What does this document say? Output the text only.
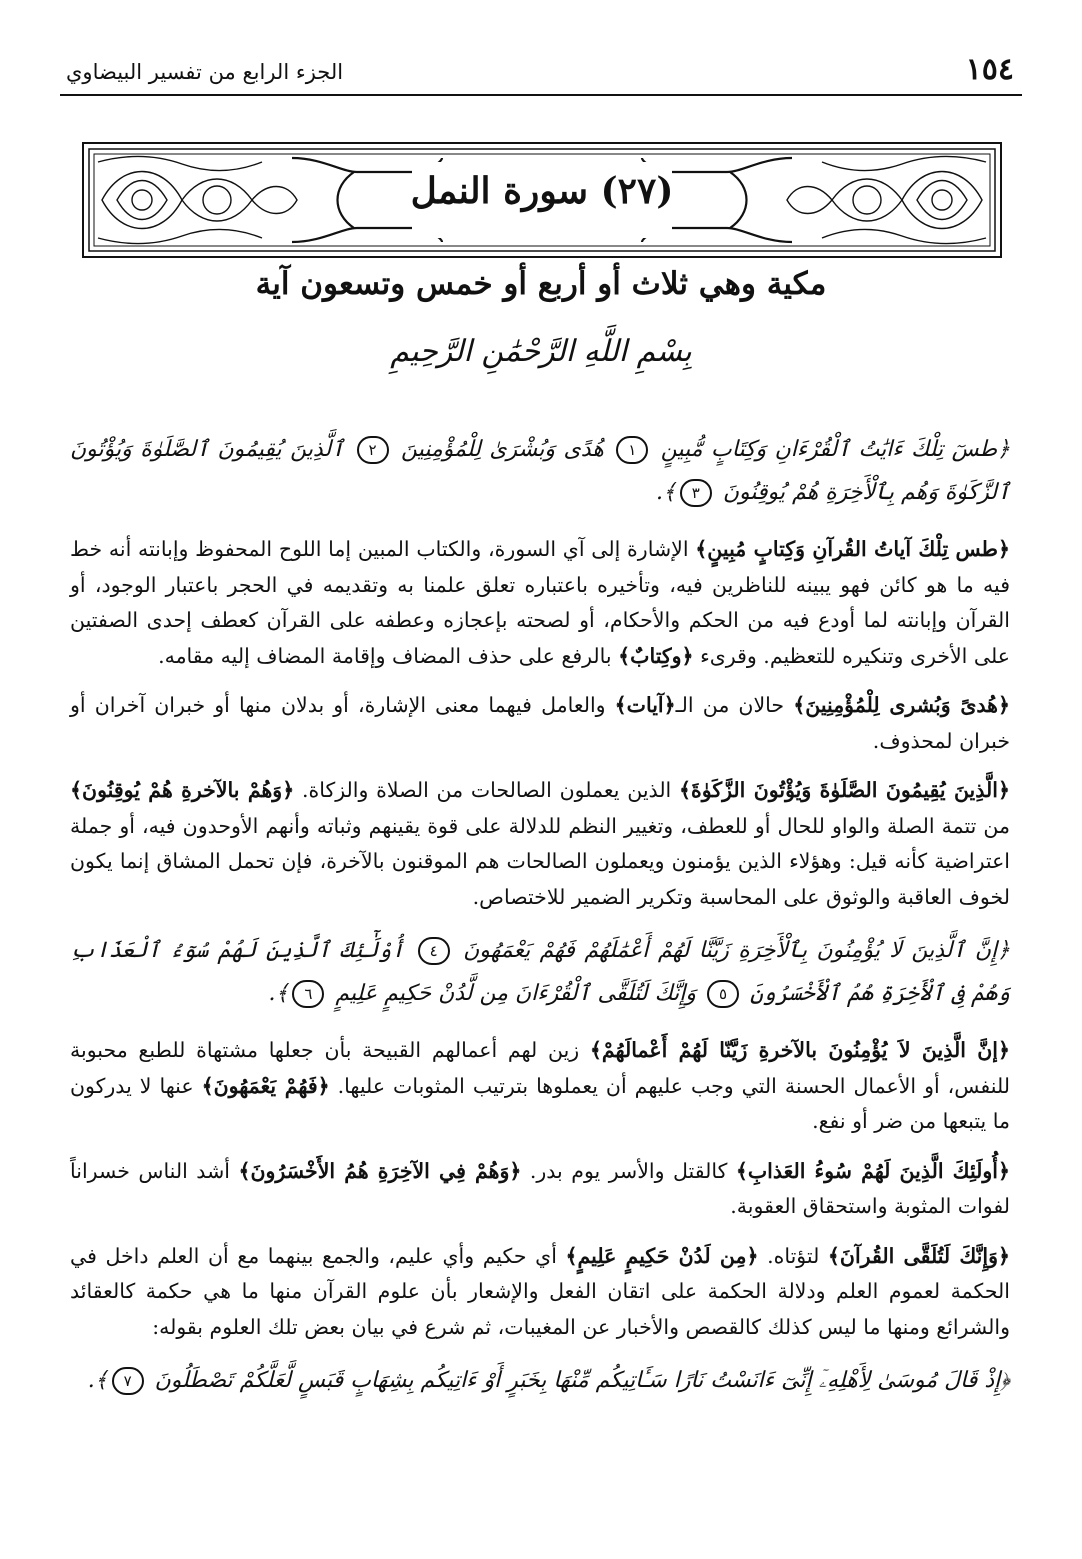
١٥٤
الجزء الرابع من تفسير البيضاوي
(٢٧) سورة النمل
مكية وهي ثلاث أو أربع أو خمس وتسعون آية
بِسْمِ اللَّهِ الرَّحْمَٰنِ الرَّحِيمِ

﴿طسٓ تِلْكَ ءَايَٰتُ ٱلْقُرْءَانِ وَكِتَابٍ مُّبِينٍ ١ هُدًى وَبُشْرَىٰ لِلْمُؤْمِنِينَ ٢ ٱلَّذِينَ يُقِيمُونَ ٱلصَّلَوٰةَ وَيُؤْتُونَ ٱلزَّكَوٰةَ وَهُم بِٱلْأَخِرَةِ هُمْ يُوقِنُونَ ٣﴾.

﴿طس تِلْكَ آياتُ القُرآنِ وَكِتابٍ مُبِينٍ﴾ الإشارة إلى آي السورة، والكتاب المبين إما اللوح المحفوظ وإبانته أنه خط فيه ما هو كائن فهو يبينه للناظرين فيه، وتأخيره باعتباره تعلق علمنا به وتقديمه في الحجر باعتبار الوجود، أو القرآن وإبانته لما أودع فيه من الحكم والأحكام، أو لصحته بإعجازه وعطفه على القرآن كعطف إحدى الصفتين على الأخرى وتنكيره للتعظيم. وقرىء ﴿وكِتابٌ﴾ بالرفع على حذف المضاف وإقامة المضاف إليه مقامه.

﴿هُدىً وَبُشرى لِلْمُؤْمِنِينَ﴾ حالان من الـ﴿آيات﴾ والعامل فيهما معنى الإشارة، أو بدلان منها أو خبران آخران أو خبران لمحذوف.

﴿الَّذِينَ يُقِيمُونَ الصَّلَوٰةَ وَيُؤْتُونَ الزَّكَوٰةَ﴾ الذين يعملون الصالحات من الصلاة والزكاة. ﴿وَهُمْ بالآخرةِ هُمْ يُوقِنُونَ﴾ من تتمة الصلة والواو للحال أو للعطف، وتغيير النظم للدلالة على قوة يقينهم وثباته وأنهم الأوحدون فيه، أو جملة اعتراضية كأنه قيل: وهؤلاء الذين يؤمنون ويعملون الصالحات هم الموقنون بالآخرة، فإن تحمل المشاق إنما يكون لخوف العاقبة والوثوق على المحاسبة وتكرير الضمير للاختصاص.

﴿إِنَّ ٱلَّذِينَ لَا يُؤْمِنُونَ بِٱلْأَخِرَةِ زَيَّنَّا لَهُمْ أَعْمَٰلَهُمْ فَهُمْ يَعْمَهُونَ ٤ أُوْلَٰٓئِكَ ٱلَّذِينَ لَهُمْ سُوٓءُ ٱلْعَذَابِ وَهُمْ فِى ٱلْأَخِرَةِ هُمُ ٱلْأَخْسَرُونَ ٥ وَإِنَّكَ لَتُلَقَّى ٱلْقُرْءَانَ مِن لَّدُنْ حَكِيمٍ عَلِيمٍ ٦﴾.

﴿إنَّ الَّذِينَ لاَ يُؤْمِنُونَ بالآخرةِ زَيَّنّا لَهُمْ أَعْمالَهُمْ﴾ زين لهم أعمالهم القبيحة بأن جعلها مشتهاة للطبع محبوبة للنفس، أو الأعمال الحسنة التي وجب عليهم أن يعملوها بترتيب المثوبات عليها. ﴿فَهُمْ يَعْمَهُونَ﴾ عنها لا يدركون ما يتبعها من ضر أو نفع.

﴿أُولَئِكَ الَّذِينَ لَهُمْ سُوءُ العَذابِ﴾ كالقتل والأسر يوم بدر. ﴿وَهُمْ فِي الآخِرَةِ هُمُ الأَخْسَرُونَ﴾ أشد الناس خسراناً لفوات المثوبة واستحقاق العقوبة.

﴿وَإِنَّكَ لَتُلَقَّى القُرآنَ﴾ لتؤتاه. ﴿مِن لَدُنْ حَكِيمٍ عَلِيمٍ﴾ أي حكيم وأي عليم، والجمع بينهما مع أن العلم داخل في الحكمة لعموم العلم ودلالة الحكمة على اتقان الفعل والإشعار بأن علوم القرآن منها ما هي حكمة كالعقائد والشرائع ومنها ما ليس كذلك كالقصص والأخبار عن المغيبات، ثم شرع في بيان بعض تلك العلوم بقوله:

﴿إِذْ قَالَ مُوسَىٰ لِأَهْلِهِۦٓ إِنِّىٓ ءَانَسْتُ نَارًا سَـَٔاتِيكُم مِّنْهَا بِخَبَرٍ أَوْ ءَاتِيكُم بِشِهَابٍ قَبَسٍ لَّعَلَّكُمْ تَصْطَلُونَ ٧﴾.
